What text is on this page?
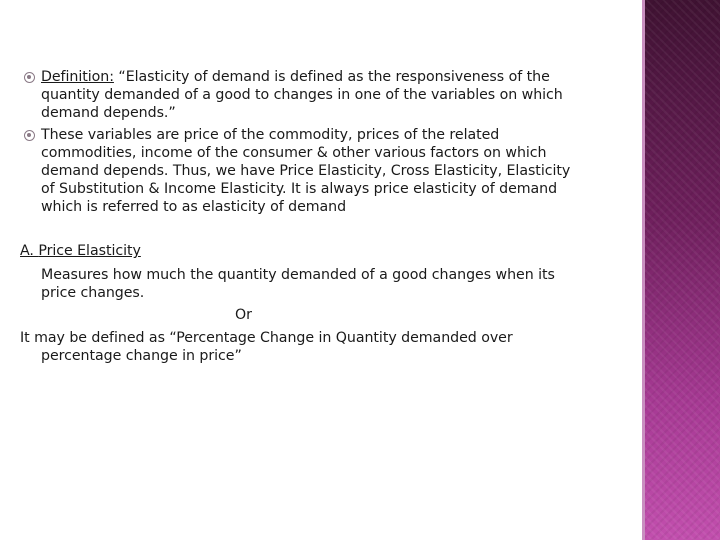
Definition: “Elasticity of demand is defined as the responsiveness of the
quantity demanded of a good to changes in one of the variables on which
demand depends.”
These variables are price of the commodity, prices of the related
commodities, income of the consumer & other various factors on which
demand depends. Thus, we have Price Elasticity, Cross Elasticity, Elasticity
of Substitution & Income Elasticity. It is always price elasticity of demand
which is referred to as elasticity of demand
A. Price Elasticity
Measures how much the quantity demanded of a good changes when its
price changes.
Or
It may be defined as “Percentage Change in Quantity demanded over
percentage change in price”
